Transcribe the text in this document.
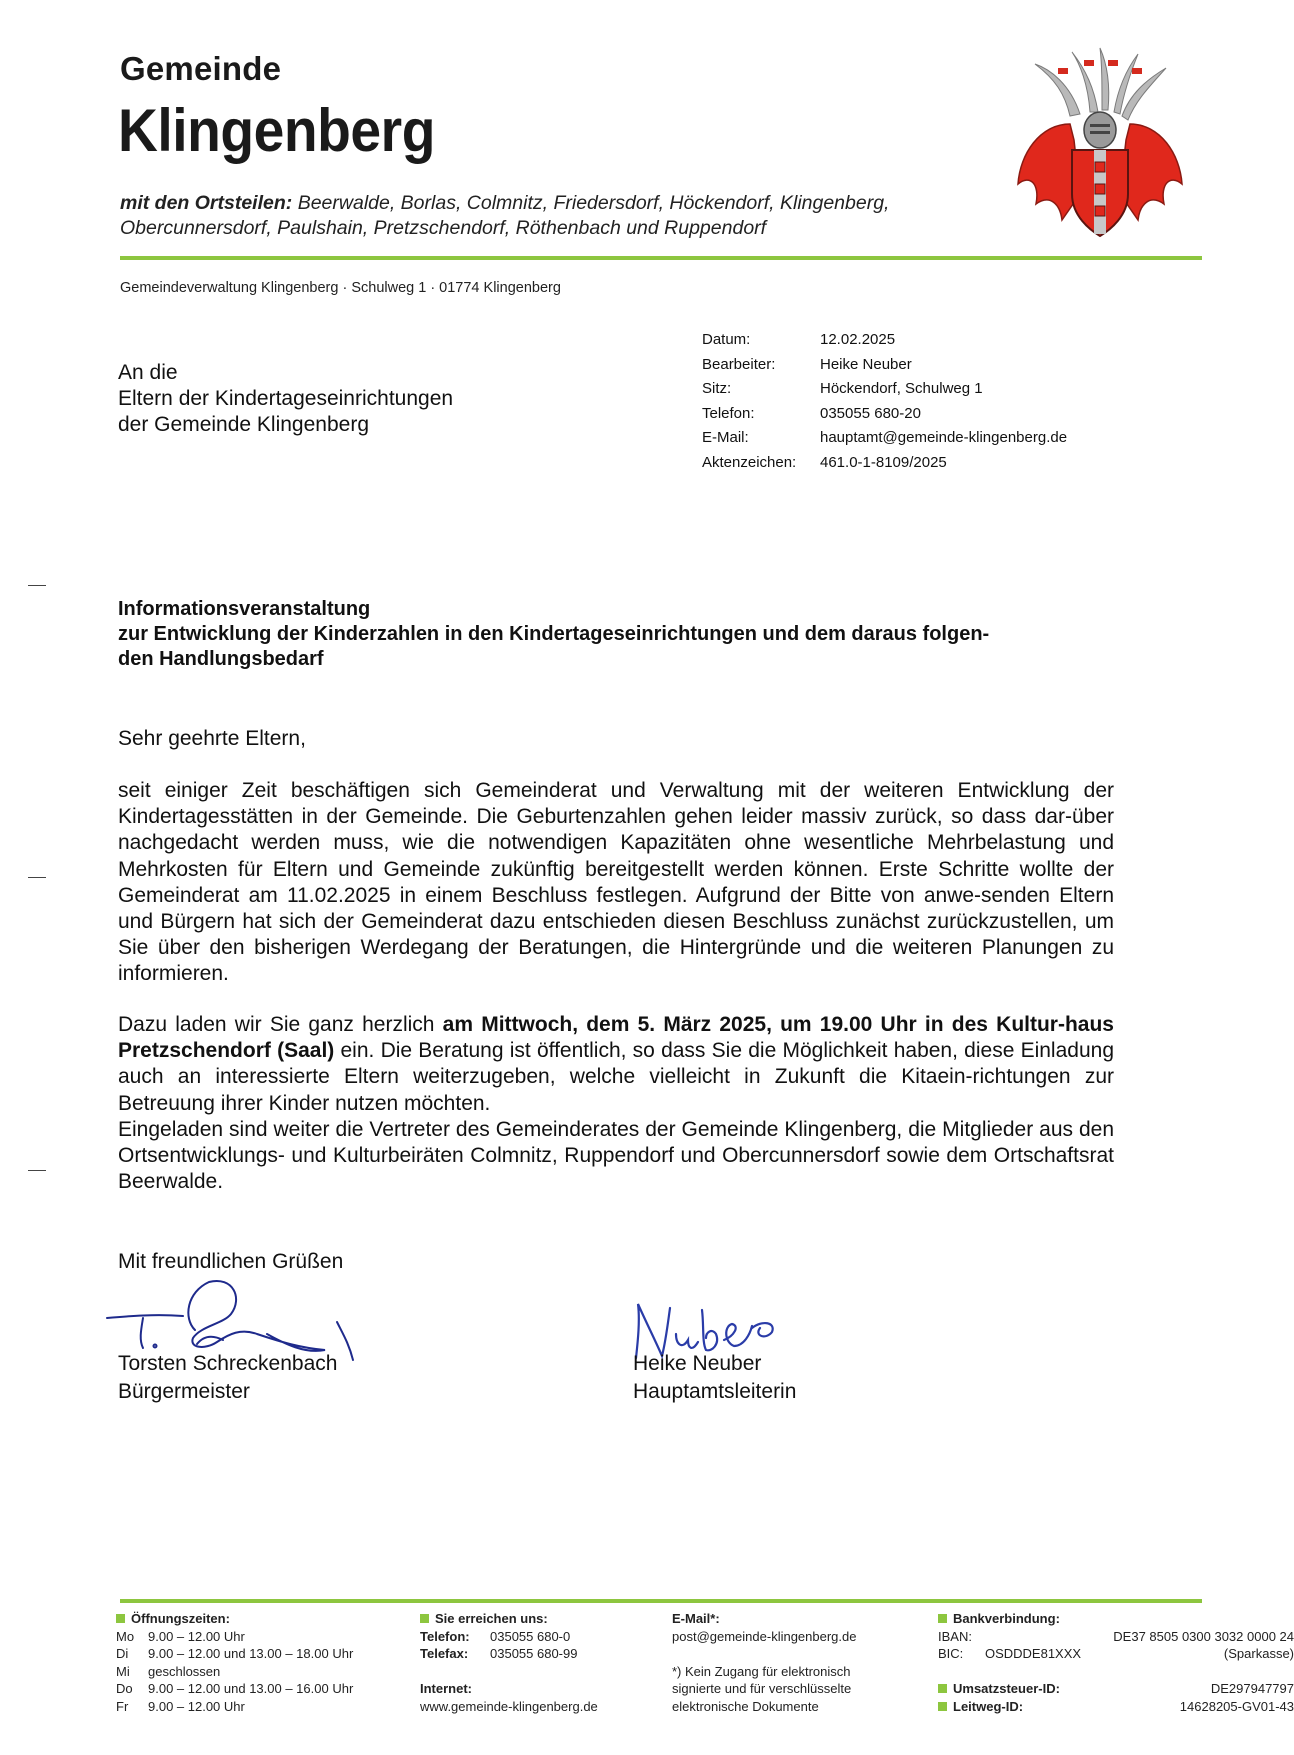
Gemeinde
Klingenberg
mit den Ortsteilen: Beerwalde, Borlas, Colmnitz, Friedersdorf, Höckendorf, Klingenberg,
Obercunnersdorf, Paulshain, Pretzschendorf, Röthenbach und Ruppendorf
Gemeindeverwaltung Klingenberg · Schulweg 1 · 01774 Klingenberg
An die
Eltern der Kindertageseinrichtungen
der Gemeinde Klingenberg
Datum:	12.02.2025
Bearbeiter:	Heike Neuber
Sitz:	Höckendorf, Schulweg 1
Telefon:	035055 680-20
E-Mail:	hauptamt@gemeinde-klingenberg.de
Aktenzeichen:	461.0-1-8109/2025
Informationsveranstaltung
zur Entwicklung der Kinderzahlen in den Kindertageseinrichtungen und dem daraus folgen-
den Handlungsbedarf
Sehr geehrte Eltern,
seit einiger Zeit beschäftigen sich Gemeinderat und Verwaltung mit der weiteren Entwicklung der Kindertagesstätten in der Gemeinde. Die Geburtenzahlen gehen leider massiv zurück, so dass dar-über nachgedacht werden muss, wie die notwendigen Kapazitäten ohne wesentliche Mehrbelastung und Mehrkosten für Eltern und Gemeinde zukünftig bereitgestellt werden können. Erste Schritte wollte der Gemeinderat am 11.02.2025 in einem Beschluss festlegen. Aufgrund der Bitte von anwe-senden Eltern und Bürgern hat sich der Gemeinderat dazu entschieden diesen Beschluss zunächst zurückzustellen, um Sie über den bisherigen Werdegang der Beratungen, die Hintergründe und die weiteren Planungen zu informieren.
Dazu laden wir Sie ganz herzlich am Mittwoch, dem 5. März 2025, um 19.00 Uhr in des Kultur-haus Pretzschendorf (Saal) ein. Die Beratung ist öffentlich, so dass Sie die Möglichkeit haben, diese Einladung auch an interessierte Eltern weiterzugeben, welche vielleicht in Zukunft die Kitaein-richtungen zur Betreuung ihrer Kinder nutzen möchten.
Eingeladen sind weiter die Vertreter des Gemeinderates der Gemeinde Klingenberg, die Mitglieder aus den Ortsentwicklungs- und Kulturbeiräten Colmnitz, Ruppendorf und Obercunnersdorf sowie dem Ortschaftsrat Beerwalde.
Mit freundlichen Grüßen
Torsten Schreckenbach
Bürgermeister
Heike Neuber
Hauptamtsleiterin
Öffnungszeiten:
Mo	9.00 – 12.00 Uhr
Di	9.00 – 12.00 und 13.00 – 18.00 Uhr
Mi	geschlossen
Do	9.00 – 12.00 und 13.00 – 16.00 Uhr
Fr	9.00 – 12.00 Uhr
Sie erreichen uns:
Telefon:	035055 680-0
Telefax:	035055 680-99
Internet:
www.gemeinde-klingenberg.de
E-Mail*:
post@gemeinde-klingenberg.de
*) Kein Zugang für elektronisch
signierte und für verschlüsselte
elektronische Dokumente
Bankverbindung:
IBAN:	DE37 8505 0300 3032 0000 24
BIC: OSDDDE81XXX	(Sparkasse)
Umsatzsteuer-ID:	DE297947797
Leitweg-ID:	14628205-GV01-43
